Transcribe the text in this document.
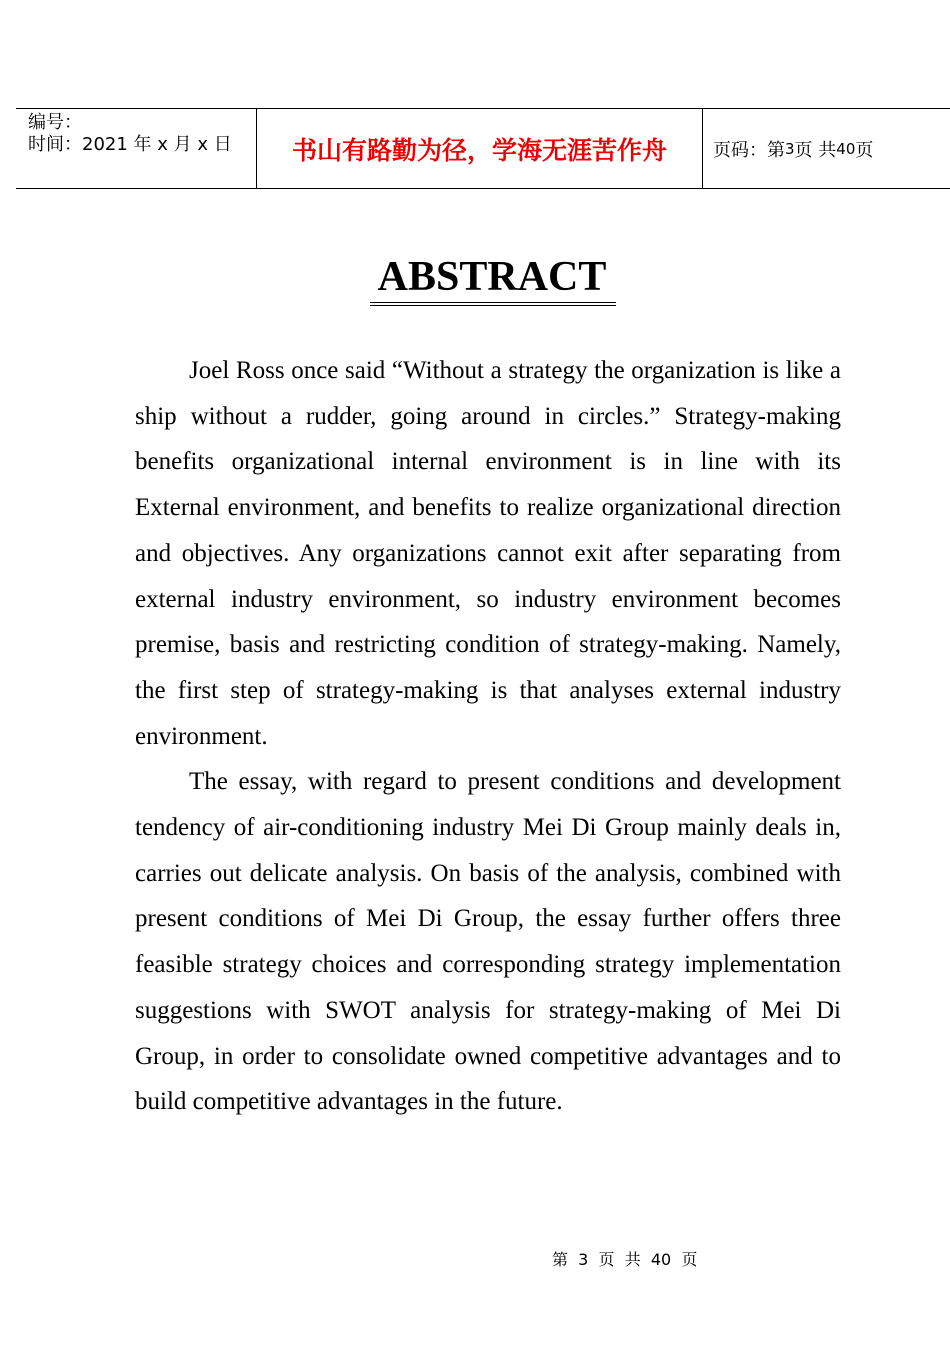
编号：
时间：2021 年 x 月 x 日	书山有路勤为径，学海无涯苦作舟	页码：第 3 页 共 40 页
ABSTRACT

Joel Ross once said “Without a strategy the organization is like a ship without a rudder, going around in circles.” Strategy-making benefits organizational internal environment is in line with its External environment, and benefits to realize organizational direction and objectives. Any organizations cannot exit after separating from external industry environment, so industry environment becomes premise, basis and restricting condition of strategy-making. Namely, the first step of strategy-making is that analyses external industry environment.

The essay, with regard to present conditions and development tendency of air-conditioning industry Mei Di Group mainly deals in, carries out delicate analysis. On basis of the analysis, combined with present conditions of Mei Di Group, the essay further offers three feasible strategy choices and corresponding strategy implementation suggestions with SWOT analysis for strategy-making of Mei Di Group, in order to consolidate owned competitive advantages and to build competitive advantages in the future.

第  3  页  共  40  页
